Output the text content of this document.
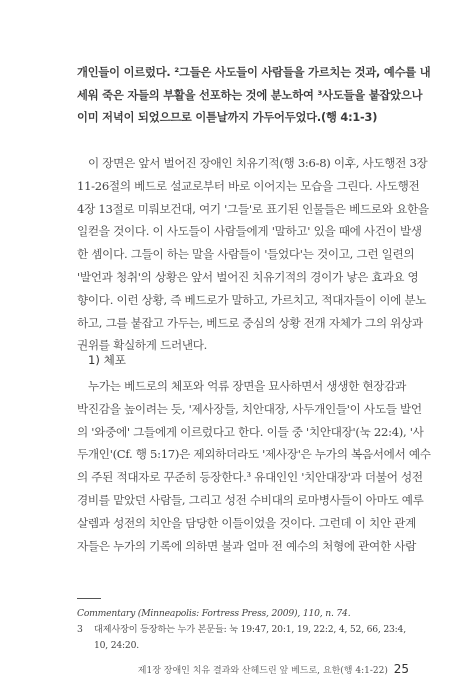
개인들이 이르렀다. ²그들은 사도들이 사람들을 가르치는 것과, 예수를 내

세워 죽은 자들의 부활을 선포하는 것에 분노하여 ³사도들을 붙잡았으나

이미 저녁이 되었으므로 이튿날까지 가두어두었다.(행 4:1-3)

이 장면은 앞서 벌어진 장애인 치유기적(행 3:6-8) 이후, 사도행전 3장

11-26절의 베드로 설교로부터 바로 이어지는 모습을 그린다. 사도행전

4장 13절로 미뤄보건대, 여기 '그들'로 표기된 인물들은 베드로와 요한을

일컫을 것이다. 이 사도들이 사람들에게 '말하고' 있을 때에 사건이 발생

한 셈이다. 그들이 하는 말을 사람들이 '들었다'는 것이고, 그런 일련의

'발언과 청취'의 상황은 앞서 벌어진 치유기적의 경이가 낳은 효과요 영

향이다. 이런 상황, 즉 베드로가 말하고, 가르치고, 적대자들이 이에 분노

하고, 그를 붙잡고 가두는, 베드로 중심의 상황 전개 자체가 그의 위상과

권위를 확실하게 드러낸다.

1) 체포

누가는 베드로의 체포와 억류 장면을 묘사하면서 생생한 현장감과

박진감을 높이려는 듯, '제사장들, 치안대장, 사두개인들'이 사도들 발언

의 '와중에' 그들에게 이르렀다고 한다. 이들 중 '치안대장'(눅 22:4), '사

두개인'(Cf. 행 5:17)은 제외하더라도 '제사장'은 누가의 복음서에서 예수

의 주된 적대자로 꾸준히 등장한다.³ 유대인인 '치안대장'과 더불어 성전

경비를 맡았던 사람들, 그리고 성전 수비대의 로마병사들이 아마도 예루

살렘과 성전의 치안을 담당한 이들이었을 것이다. 그런데 이 치안 관계

자들은 누가의 기록에 의하면 불과 얼마 전 예수의 처형에 관여한 사람

Commentary (Minneapolis: Fortress Press, 2009), 110, n. 74.

3 대제사장이 등장하는 누가 본문들: 눅 19:47, 20:1, 19, 22:2, 4, 52, 66, 23:4,

10, 24:20.

제1장 장애인 치유 결과와 산헤드린 앞 베드로, 요한(행 4:1-22) 25
